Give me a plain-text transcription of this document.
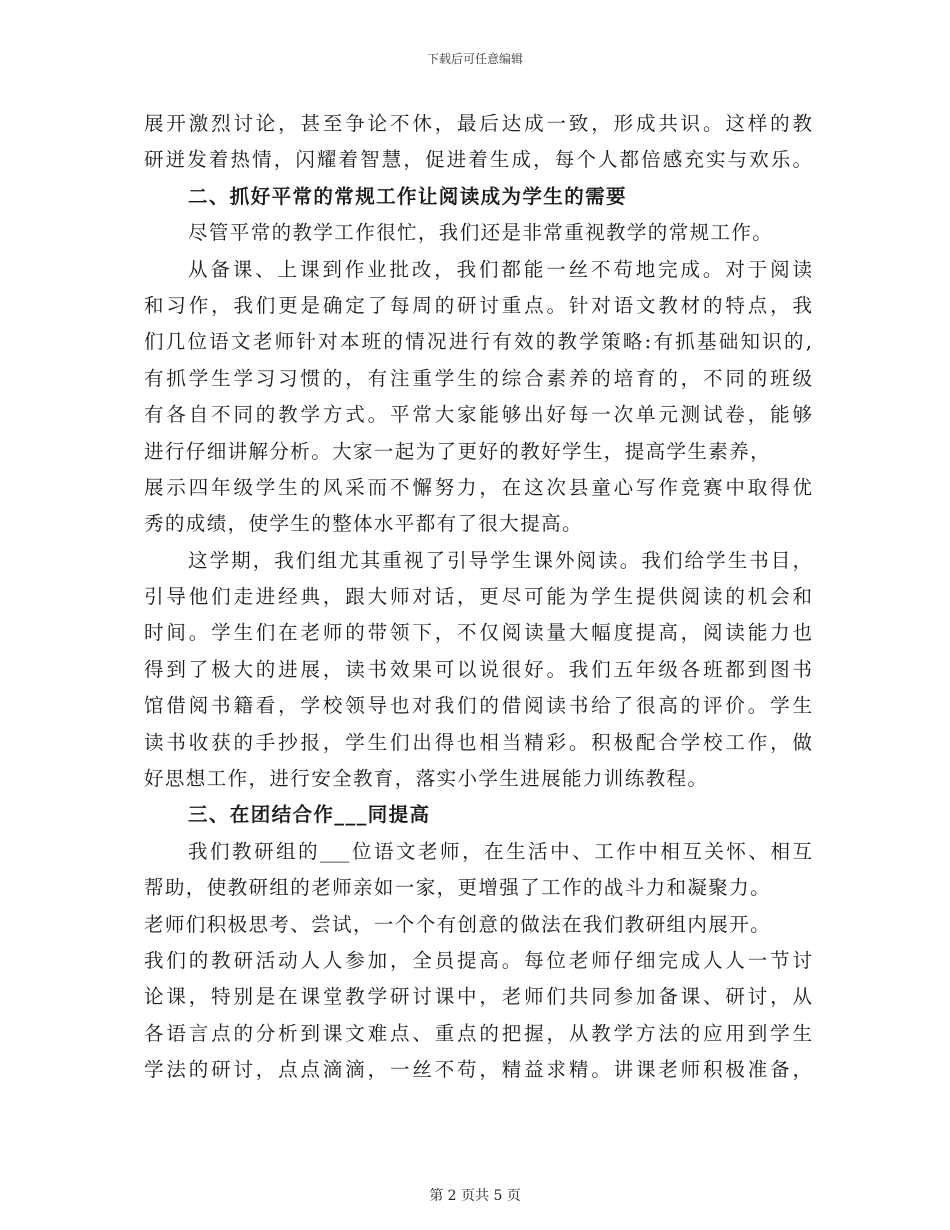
下载后可任意编辑
展开激烈讨论，甚至争论不休，最后达成一致，形成共识。这样的教
研迸发着热情，闪耀着智慧，促进着生成，每个人都倍感充实与欢乐。
二、抓好平常的常规工作让阅读成为学生的需要
尽管平常的教学工作很忙，我们还是非常重视教学的常规工作。
从备课、上课到作业批改，我们都能一丝不苟地完成。对于阅读
和习作，我们更是确定了每周的研讨重点。针对语文教材的特点，我
们几位语文老师针对本班的情况进行有效的教学策略:有抓基础知识的,
有抓学生学习习惯的，有注重学生的综合素养的培育的，不同的班级
有各自不同的教学方式。平常大家能够出好每一次单元测试卷，能够
进行仔细讲解分析。大家一起为了更好的教好学生，提高学生素养，
展示四年级学生的风采而不懈努力，在这次县童心写作竞赛中取得优
秀的成绩，使学生的整体水平都有了很大提高。
这学期，我们组尤其重视了引导学生课外阅读。我们给学生书目，
引导他们走进经典，跟大师对话，更尽可能为学生提供阅读的机会和
时间。学生们在老师的带领下，不仅阅读量大幅度提高，阅读能力也
得到了极大的进展，读书效果可以说很好。我们五年级各班都到图书
馆借阅书籍看，学校领导也对我们的借阅读书给了很高的评价。学生
读书收获的手抄报，学生们出得也相当精彩。积极配合学校工作，做
好思想工作，进行安全教育，落实小学生进展能力训练教程。
三、在团结合作___同提高
我们教研组的___位语文老师，在生活中、工作中相互关怀、相互
帮助，使教研组的老师亲如一家，更增强了工作的战斗力和凝聚力。
老师们积极思考、尝试，一个个有创意的做法在我们教研组内展开。
我们的教研活动人人参加，全员提高。每位老师仔细完成人人一节讨
论课，特别是在课堂教学研讨课中，老师们共同参加备课、研讨，从
各语言点的分析到课文难点、重点的把握，从教学方法的应用到学生
学法的研讨，点点滴滴，一丝不苟，精益求精。讲课老师积极准备，
第 2 页共 5 页
